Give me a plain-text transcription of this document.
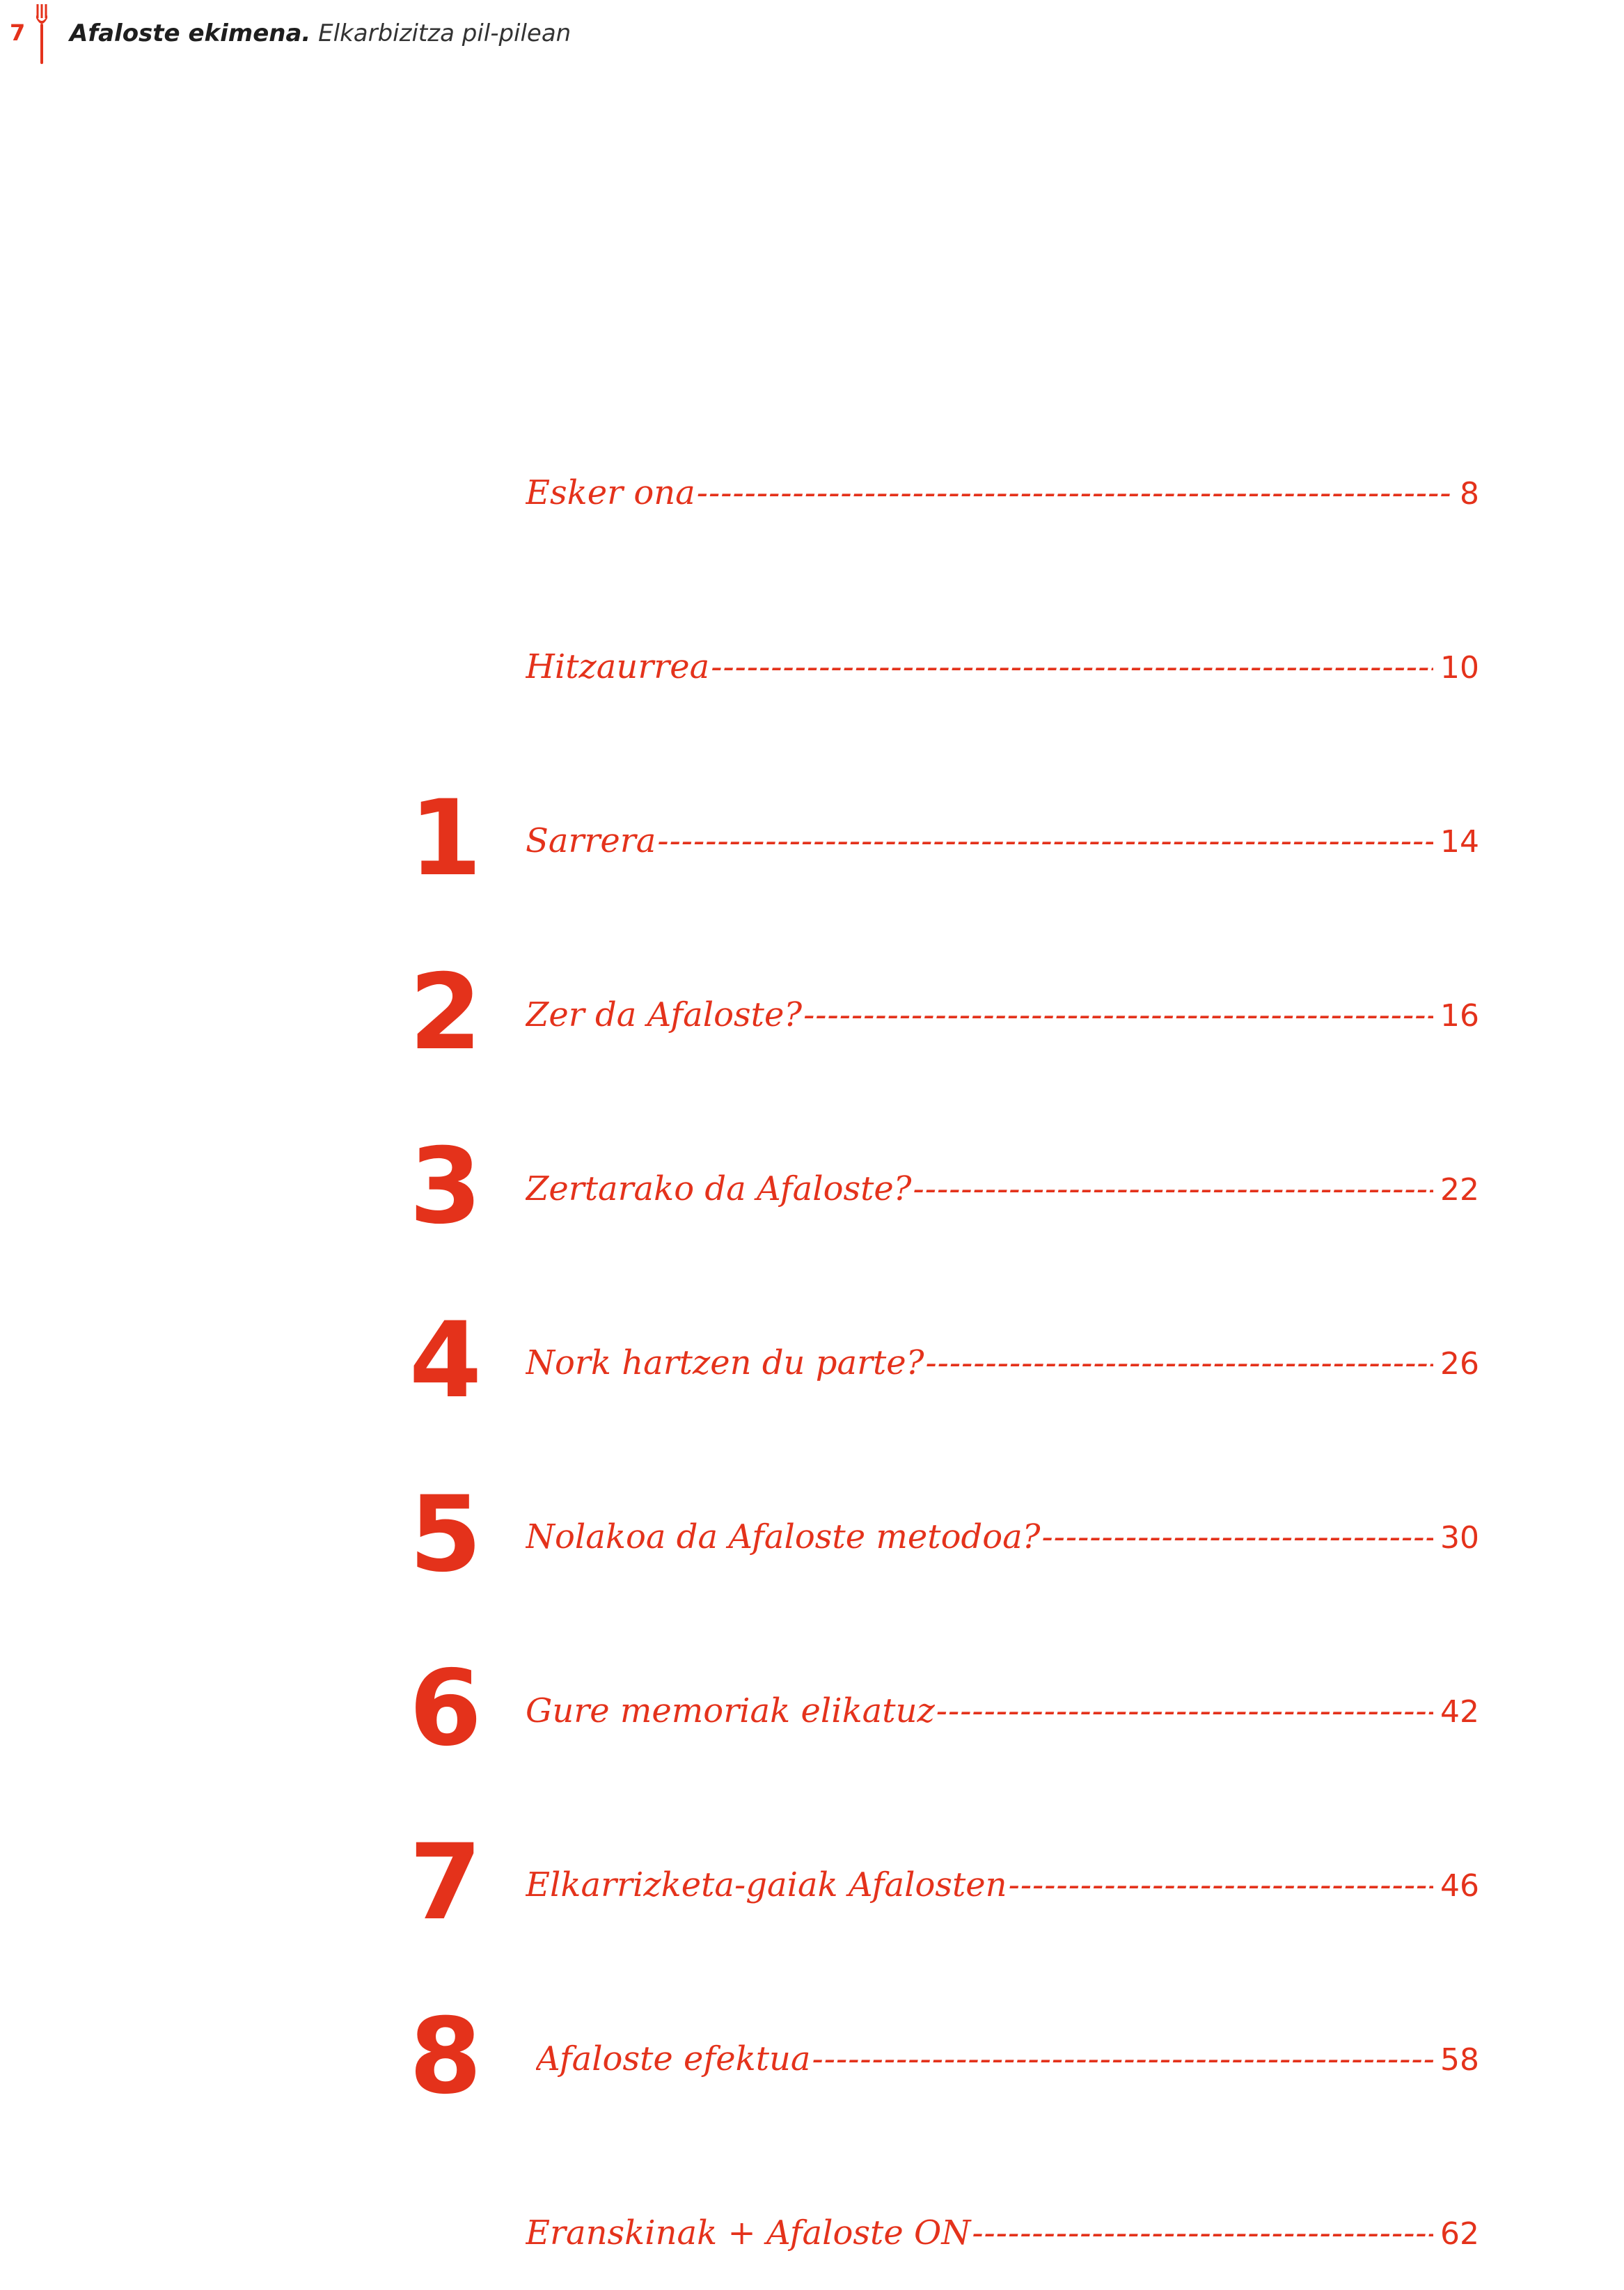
7 Afaloste ekimena. Elkarbizitza pil-pilean
Esker ona -----	8
Hitzaurrea -----	10
1 Sarrera -----	14
2 Zer da Afaloste? -----	16
3 Zertarako da Afaloste? -----	22
4 Nork hartzen du parte? -----	26
5 Nolakoa da Afaloste metodoa? -----	30
6 Gure memoriak elikatuz -----	42
7 Elkarrizketa-gaiak Afalosten -----	46
8 Afaloste efektua -----	58
Eranskinak + Afaloste ON -----	62
